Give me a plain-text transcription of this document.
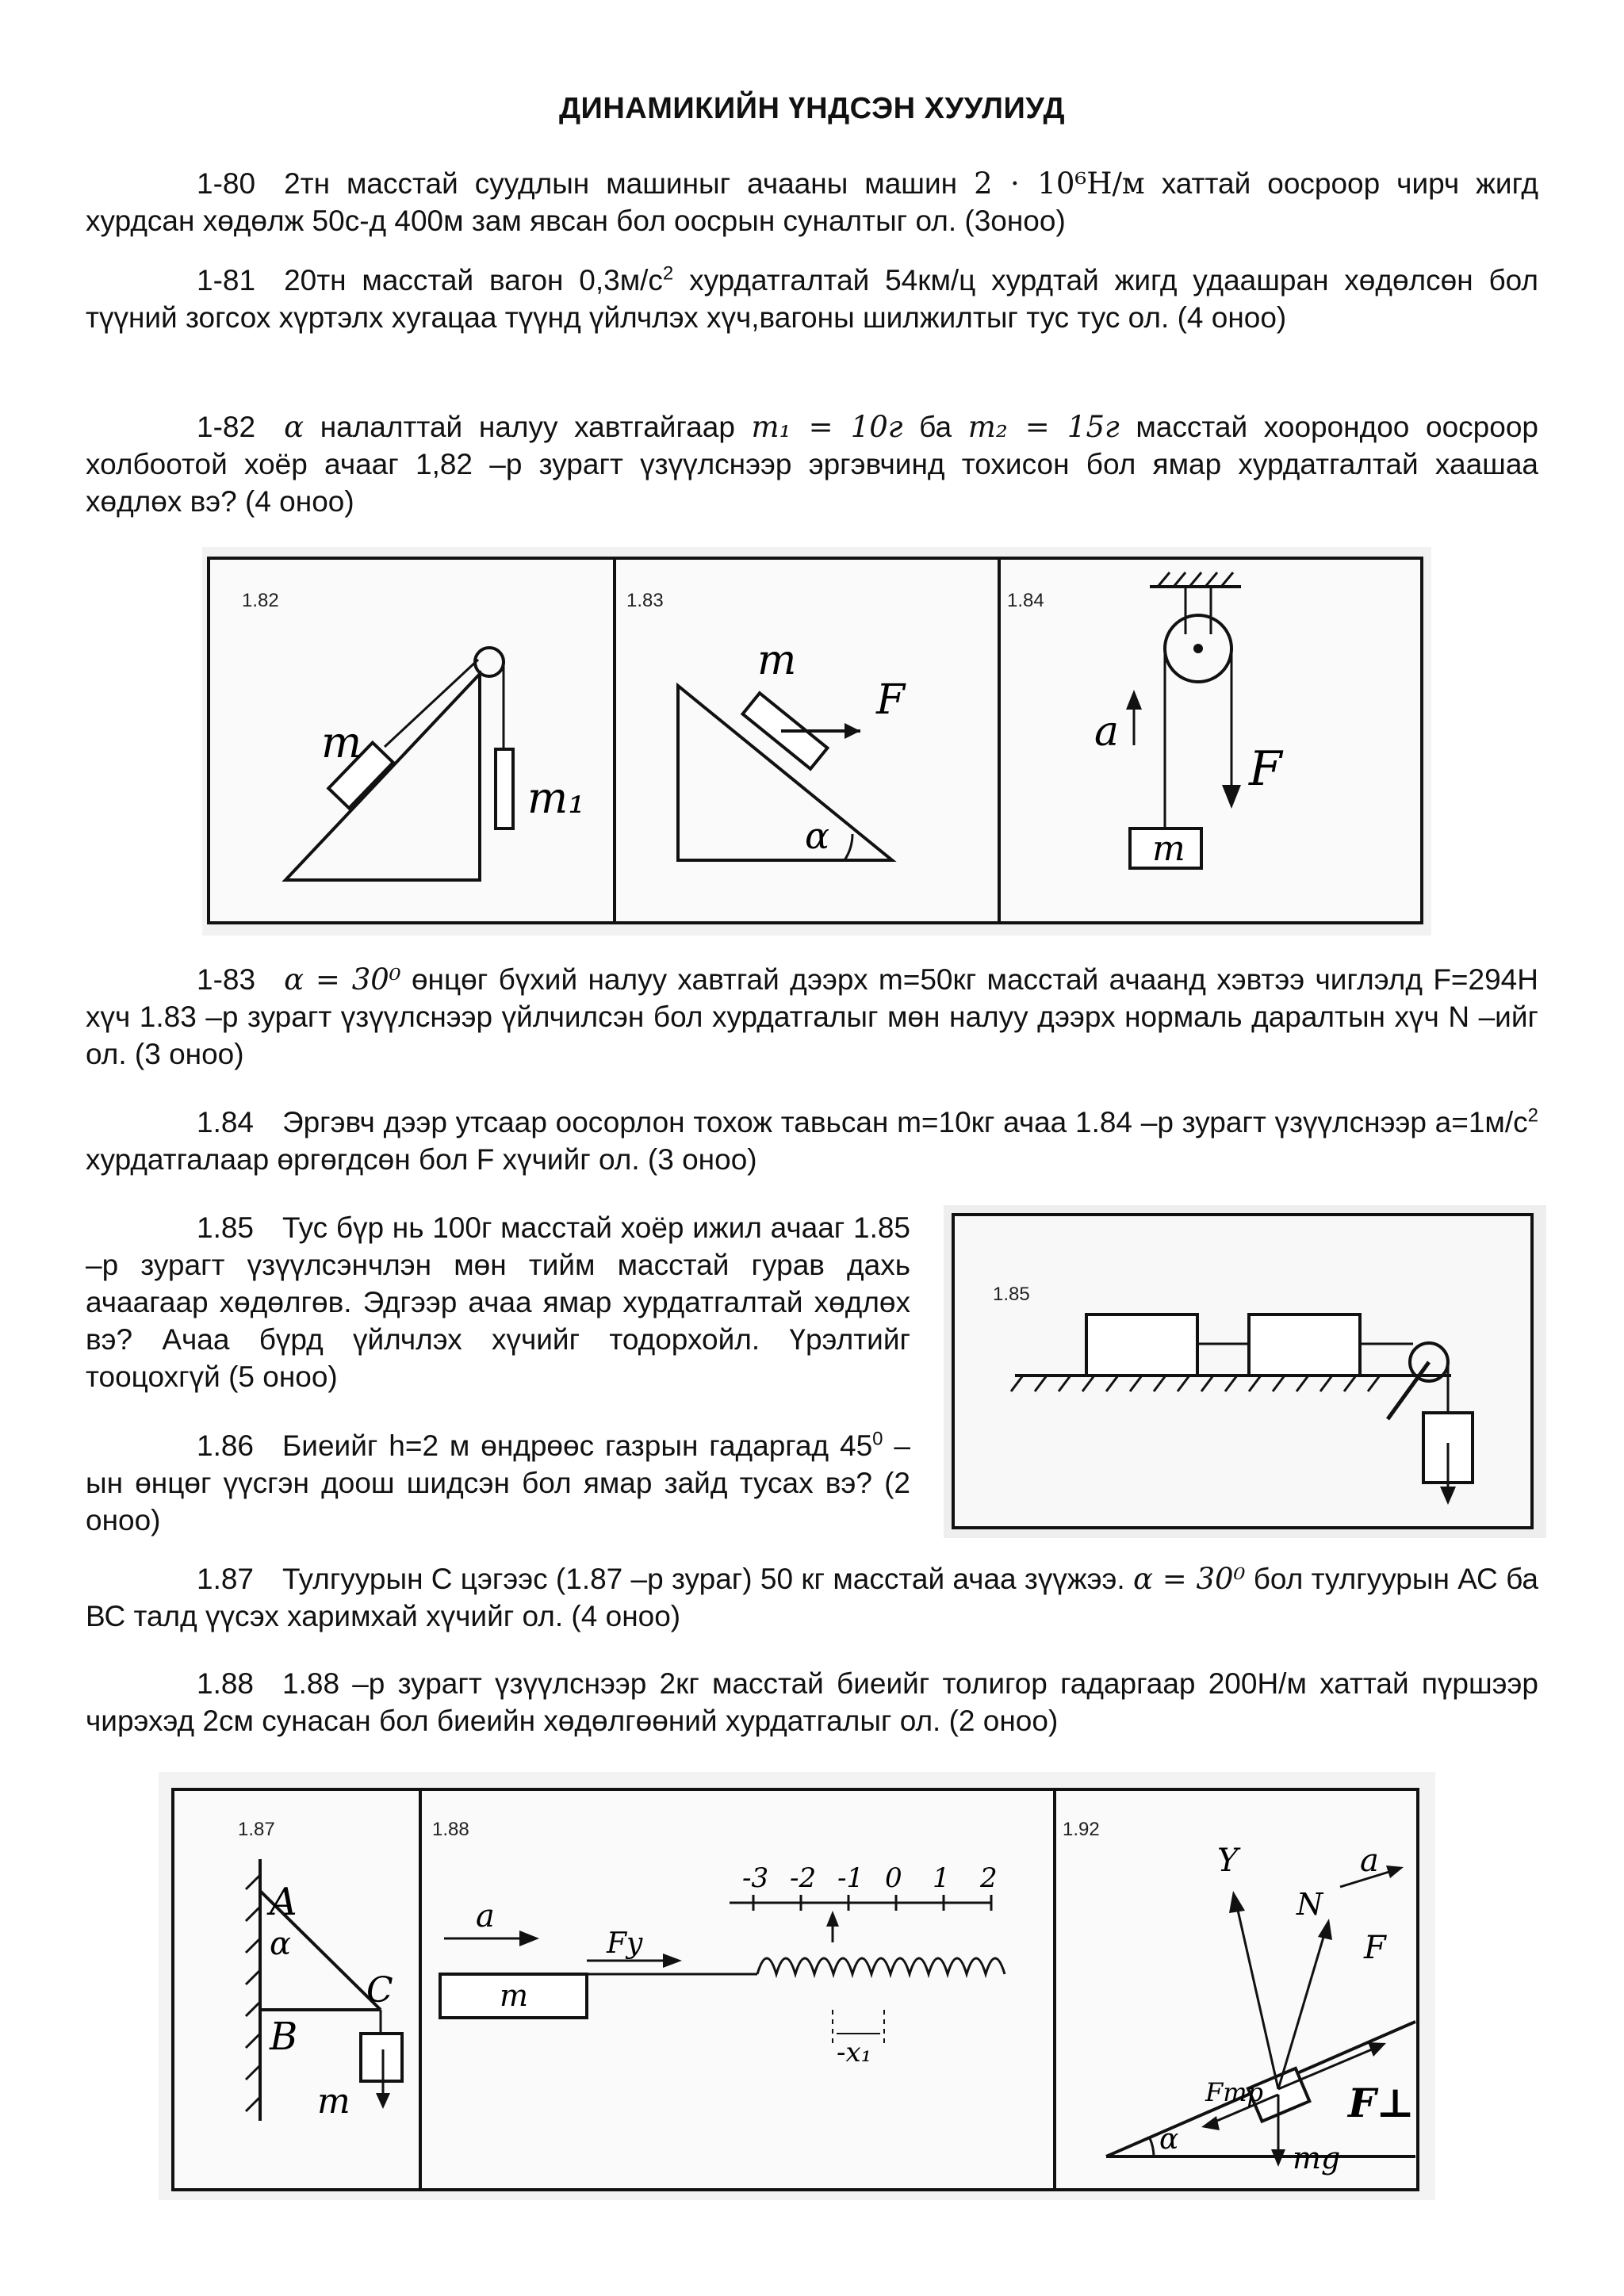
ДИНАМИКИЙН ҮНДСЭН ХУУЛИУД

1-80 2тн масстай суудлын машиныг ачааны машин 2 · 10⁶Н/м хаттай оосроор чирч жигд хурдсан хөдөлж 50с-д 400м зам явсан бол оосрын суналтыг ол. (3оноо)

1-81 20тн масстай вагон $0,3м/с^2$ хурдатгалтай 54км/ц хурдтай жигд удаашран хөдөлсөн бол түүний зогсох хүртэлх хугацаа түүнд үйлчлэх хүч,вагоны шилжилтыг тус тус ол. (4 оноо)

1-82 α налалттай налуу хавтгайгаар m₁ = 10г ба m₂ = 15г масстай хоорондоо оосроор холбоотой хоёр ачааг 1,82 –р зурагт үзүүлснээр эргэвчинд тохисон бол ямар хурдатгалтай хаашаа хөдлөх вэ? (4 оноо)

1.82
m
m₁
1.83
m
F
α
1.84
a
F
m

1-83 α = 30⁰ өнцөг бүхий налуу хавтгай дээрх m=50кг масстай ачаанд хэвтээ чиглэлд F=294Н хүч 1.83 –р зурагт үзүүлснээр үйлчилсэн бол хурдатгалыг мөн налуу дээрх нормаль даралтын хүч N –ийг ол. (3 оноо)

1.84 Эргэвч дээр утсаар оосорлон тохож тавьсан m=10кг ачаа 1.84 –р зурагт үзүүлснээр $а=1м/с^2$ хурдатгалаар өргөгдсөн бол F хүчийг ол. (3 оноо)

1.85 Тус бүр нь 100г масстай хоёр ижил ачааг 1.85 –р зурагт үзүүлсэнчлэн мөн тийм масстай гурав дахь ачаагаар хөдөлгөв. Эдгээр ачаа ямар хурдатгалтай хөдлөх вэ? Ачаа бүрд үйлчлэх хүчийг тодорхойл. Үрэлтийг тооцохгүй (5 оноо)

1.86 Биеийг h=2 м өндрөөс газрын гадаргад $45^0$ –ын өнцөг үүсгэн доош шидсэн бол ямар зайд тусах вэ? (2 оноо)

1.85

1.87 Тулгуурын С цэгээс (1.87 –р зураг) 50 кг масстай ачаа зүүжээ. α = 30⁰ бол тулгуурын АС ба ВС талд үүсэх харимхай хүчийг ол. (4 оноо)

1.88 1.88 –р зурагт үзүүлснээр 2кг масстай биеийг толигор гадаргаар 200Н/м хаттай пүршээр чирэхэд 2см сунасан бол биеийн хөдөлгөөний хурдатгалыг ол. (2 оноо)

1.87
A
α
B
C
m
1.88
m
a
Fу
-x₁
1.92
α
Y
N
a
F
Fтр F⊥
mg
-3 -2 -1 0 1 2
